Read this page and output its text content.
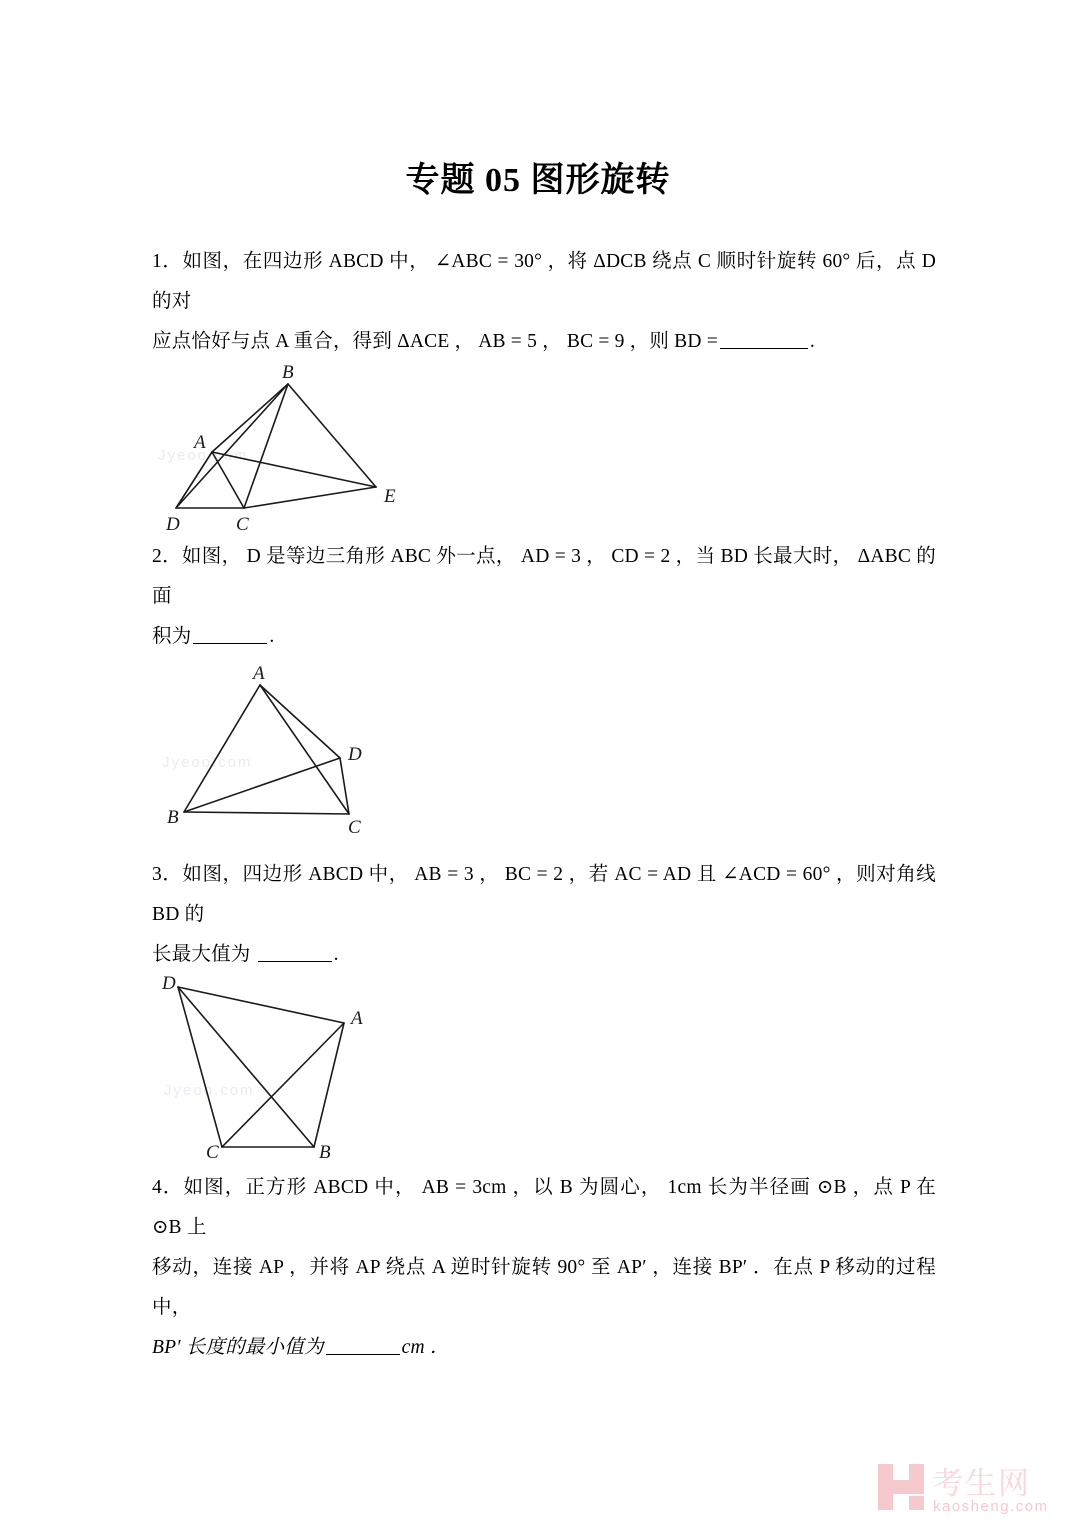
专题 05 图形旋转
1．如图，在四边形 ABCD 中， ∠ABC = 30° ，将 ΔDCB 绕点 C 顺时针旋转 60° 后，点 D 的对
应点恰好与点 A 重合，得到 ΔACE ， AB = 5 ， BC = 9 ，则 BD =	.
Jyeoo.com
B
A
E
D	C
2．如图， D 是等边三角形 ABC 外一点， AD = 3 ， CD = 2 ，当 BD 长最大时， ΔABC 的面
积为	.
Jyeoo.com
A
D
B	C
3．如图，四边形 ABCD 中， AB = 3 ， BC = 2 ，若 AC = AD 且 ∠ACD = 60° ，则对角线 BD 的
长最大值为	.
Jyeoo.com
D
A
C	B
4．如图，正方形 ABCD 中， AB = 3cm ，以 B 为圆心， 1cm 长为半径画 ⊙B ，点 P 在 ⊙B 上
移动，连接 AP ，并将 AP 绕点 A 逆时针旋转 90° 至 AP′ ，连接 BP′ ．在点 P 移动的过程中，
BP′ 长度的最小值为	cm ．
考生网
kaosheng.com
